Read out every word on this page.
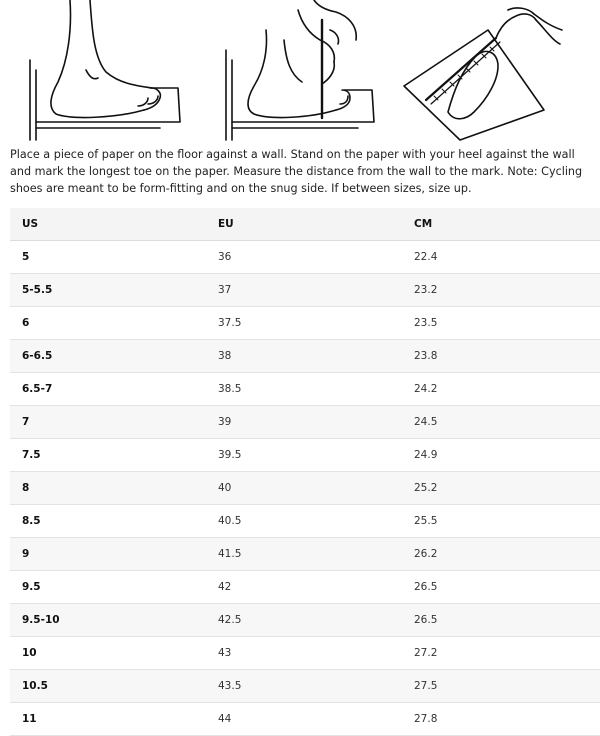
Place a piece of paper on the floor against a wall. Stand on the paper with your heel against the wall and mark the longest toe on the paper. Measure the distance from the wall to the mark. Note: Cycling shoes are meant to be form-fitting and on the snug side. If between sizes, size up.
US	EU	CM
5	36	22.4
5-5.5	37	23.2
6	37.5	23.5
6-6.5	38	23.8
6.5-7	38.5	24.2
7	39	24.5
7.5	39.5	24.9
8	40	25.2
8.5	40.5	25.5
9	41.5	26.2
9.5	42	26.5
9.5-10	42.5	26.5
10	43	27.2
10.5	43.5	27.5
11	44	27.8
